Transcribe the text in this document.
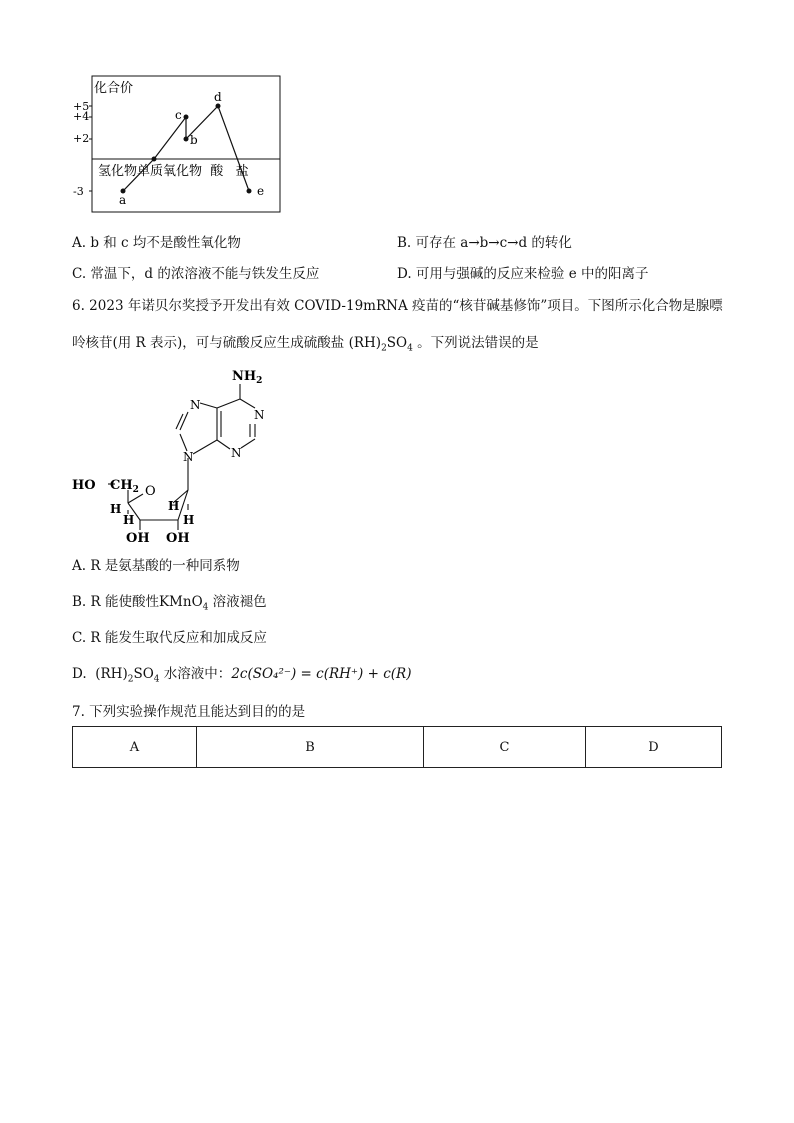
化合价
+5
+4
+2
-3
氢化物单质氧化物  酸   盐
a
c
b
d
e
A. b 和 c 均不是酸性氧化物	B. 可存在 a→b→c→d 的转化
C. 常温下，d 的浓溶液不能与铁发生反应	D. 可用与强碱的反应来检验 e 中的阳离子
6. 2023 年诺贝尔奖授予开发出有效 COVID-19mRNA 疫苗的“核苷碱基修饰”项目。下图所示化合物是腺嘌
呤核苷(用 R 表示)，可与硫酸反应生成硫酸盐 $(RH)_2SO_4$ 。下列说法错误的是
$NH_2$
N
N
N
N
HO $CH_2$ O
H
H
H	H
OH OH
A. R 是氨基酸的一种同系物
B. R 能使酸性KMnO$_4$ 溶液褪色
C. R 能发生取代反应和加成反应
D. $(RH)_2SO_4$ 水溶液中：2c(SO₄²⁻) = c(RH⁺) + c(R)
7. 下列实验操作规范且能达到目的的是
A	B	C	D
